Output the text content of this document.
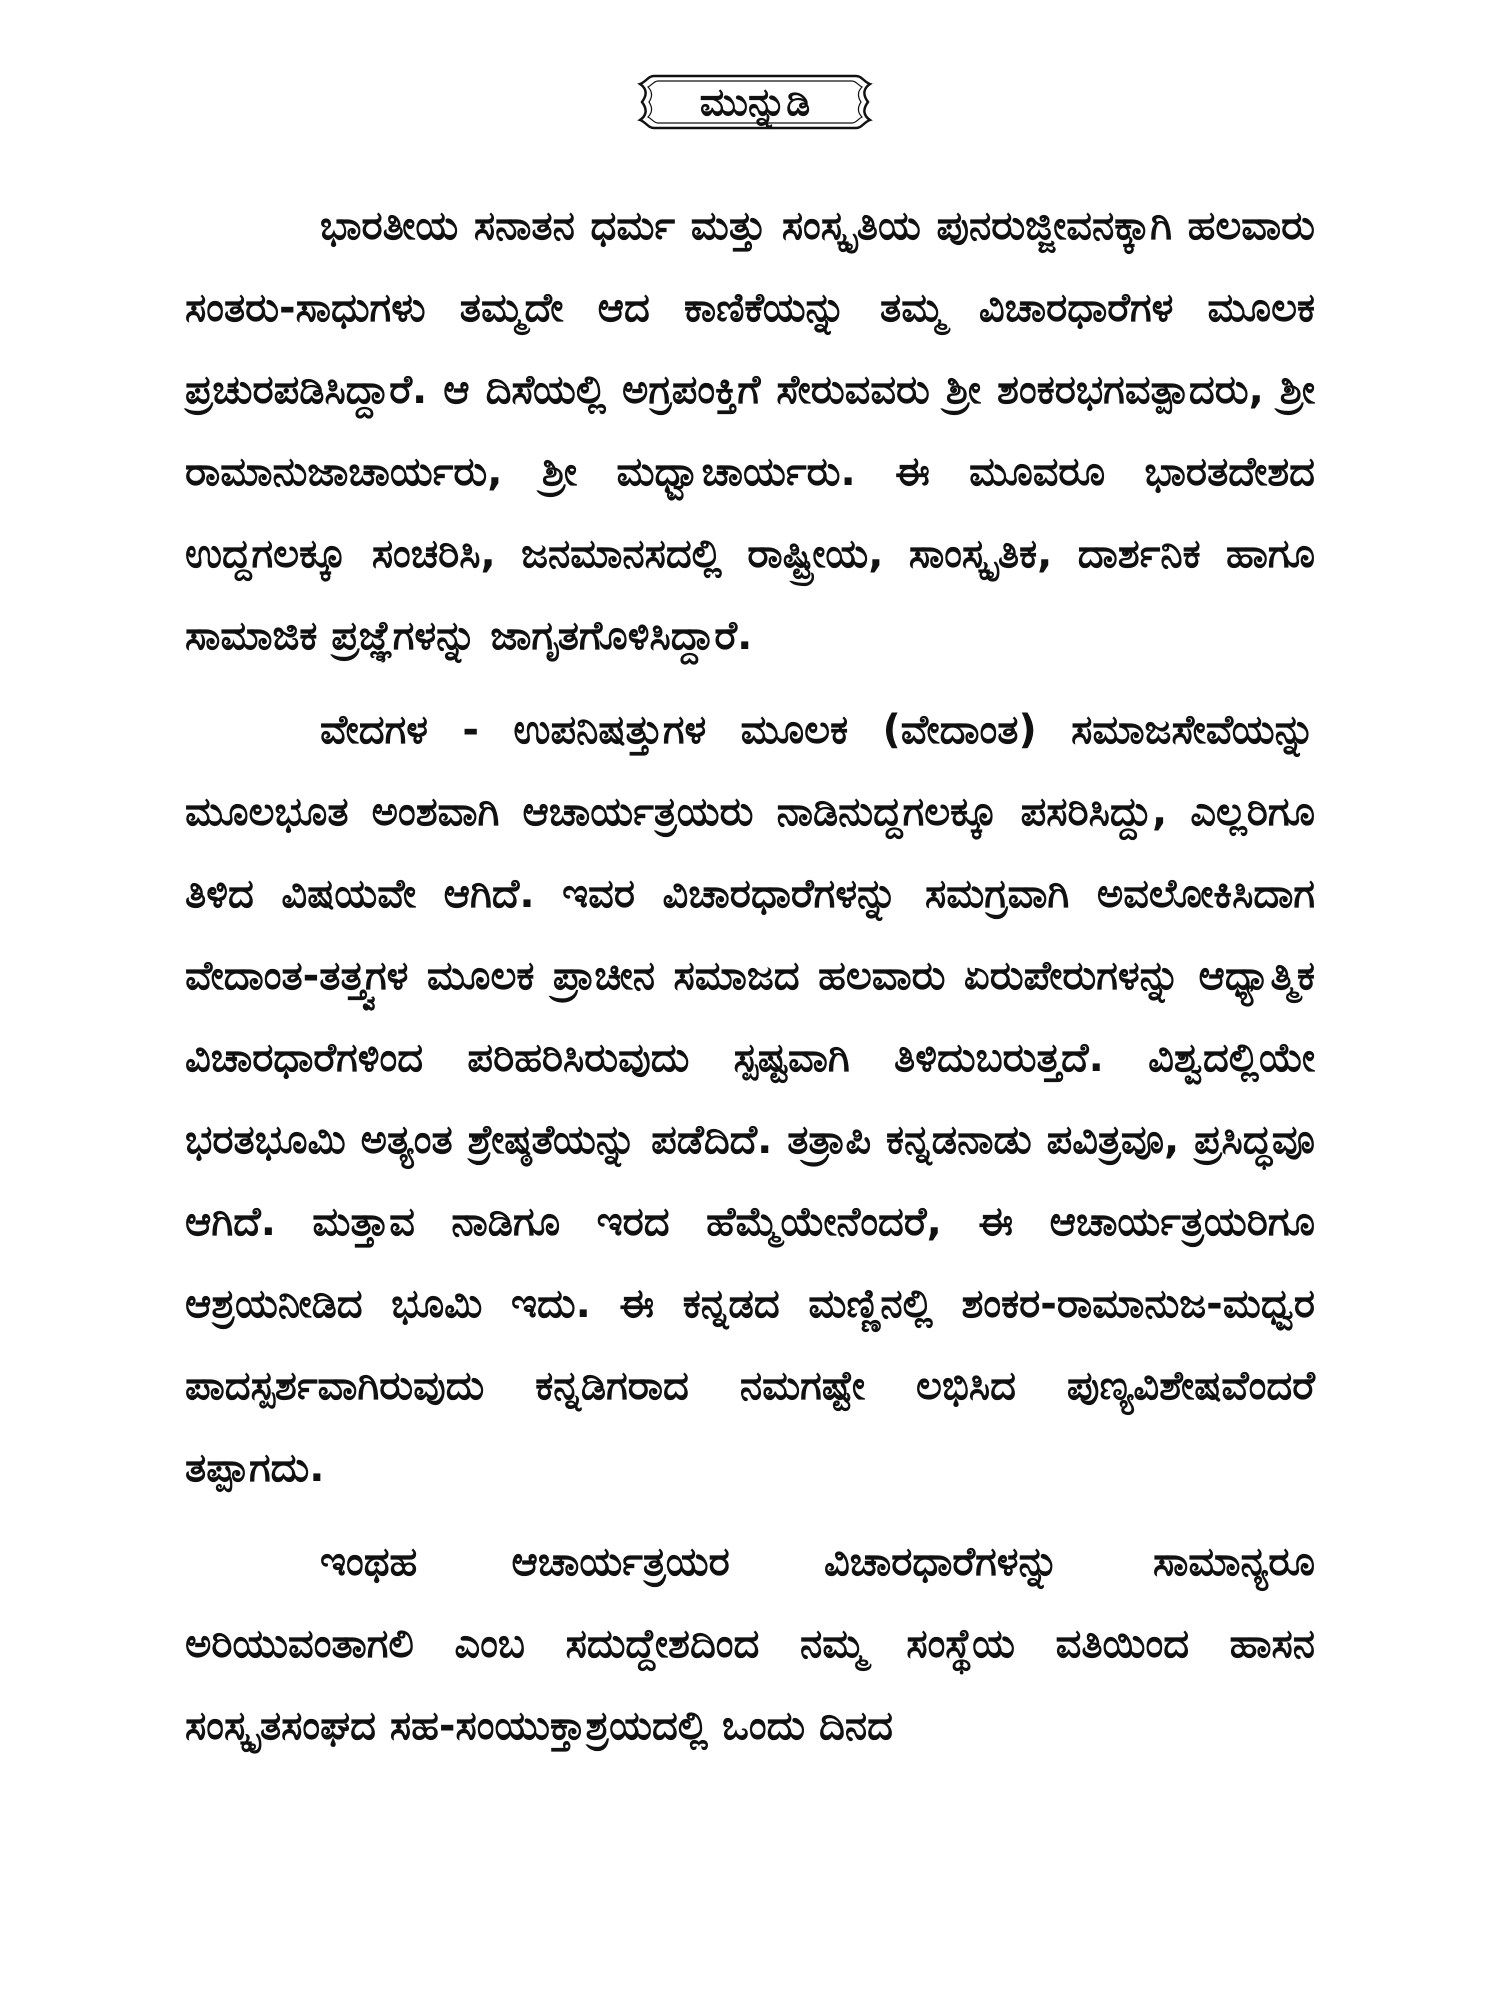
ಮುನ್ನುಡಿ

ಭಾರತೀಯ ಸನಾತನ ಧರ್ಮ ಮತ್ತು ಸಂಸ್ಕೃತಿಯ ಪುನರುಜ್ಜೀವನಕ್ಕಾಗಿ ಹಲವಾರು ಸಂತರು-ಸಾಧುಗಳು ತಮ್ಮದೇ ಆದ ಕಾಣಿಕೆಯನ್ನು ತಮ್ಮ ವಿಚಾರಧಾರೆಗಳ ಮೂಲಕ ಪ್ರಚುರಪಡಿಸಿದ್ದಾರೆ. ಆ ದಿಸೆಯಲ್ಲಿ ಅಗ್ರಪಂಕ್ತಿಗೆ ಸೇರುವವರು ಶ್ರೀ ಶಂಕರಭಗವತ್ಪಾದರು, ಶ್ರೀ ರಾಮಾನುಜಾಚಾರ್ಯರು, ಶ್ರೀ ಮಧ್ವಾಚಾರ್ಯರು. ಈ ಮೂವರೂ ಭಾರತದೇಶದ ಉದ್ದಗಲಕ್ಕೂ ಸಂಚರಿಸಿ, ಜನಮಾನಸದಲ್ಲಿ ರಾಷ್ಟ್ರೀಯ, ಸಾಂಸ್ಕೃತಿಕ, ದಾರ್ಶನಿಕ ಹಾಗೂ ಸಾಮಾಜಿಕ ಪ್ರಜ್ಞೆಗಳನ್ನು ಜಾಗೃತಗೊಳಿಸಿದ್ದಾರೆ.

ವೇದಗಳ - ಉಪನಿಷತ್ತುಗಳ ಮೂಲಕ (ವೇದಾಂತ) ಸಮಾಜಸೇವೆಯನ್ನು ಮೂಲಭೂತ ಅಂಶವಾಗಿ ಆಚಾರ್ಯತ್ರಯರು ನಾಡಿನುದ್ದಗಲಕ್ಕೂ ಪಸರಿಸಿದ್ದು, ಎಲ್ಲರಿಗೂ ತಿಳಿದ ವಿಷಯವೇ ಆಗಿದೆ. ಇವರ ವಿಚಾರಧಾರೆಗಳನ್ನು ಸಮಗ್ರವಾಗಿ ಅವಲೋಕಿಸಿದಾಗ ವೇದಾಂತ-ತತ್ತ್ವಗಳ ಮೂಲಕ ಪ್ರಾಚೀನ ಸಮಾಜದ ಹಲವಾರು ಏರುಪೇರುಗಳನ್ನು ಆಧ್ಯಾತ್ಮಿಕ ವಿಚಾರಧಾರೆಗಳಿಂದ ಪರಿಹರಿಸಿರುವುದು ಸ್ಪಷ್ಟವಾಗಿ ತಿಳಿದುಬರುತ್ತದೆ. ವಿಶ್ವದಲ್ಲಿಯೇ ಭರತಭೂಮಿ ಅತ್ಯಂತ ಶ್ರೇಷ್ಠತೆಯನ್ನು ಪಡೆದಿದೆ. ತತ್ರಾಪಿ ಕನ್ನಡನಾಡು ಪವಿತ್ರವೂ, ಪ್ರಸಿದ್ಧವೂ ಆಗಿದೆ. ಮತ್ತಾವ ನಾಡಿಗೂ ಇರದ ಹೆಮ್ಮೆಯೇನೆಂದರೆ, ಈ ಆಚಾರ್ಯತ್ರಯರಿಗೂ ಆಶ್ರಯನೀಡಿದ ಭೂಮಿ ಇದು. ಈ ಕನ್ನಡದ ಮಣ್ಣಿನಲ್ಲಿ ಶಂಕರ-ರಾಮಾನುಜ-ಮಧ್ವರ ಪಾದಸ್ಪರ್ಶವಾಗಿರುವುದು ಕನ್ನಡಿಗರಾದ ನಮಗಷ್ಟೇ ಲಭಿಸಿದ ಪುಣ್ಯವಿಶೇಷವೆಂದರೆ ತಪ್ಪಾಗದು.

ಇಂಥಹ ಆಚಾರ್ಯತ್ರಯರ ವಿಚಾರಧಾರೆಗಳನ್ನು ಸಾಮಾನ್ಯರೂ ಅರಿಯುವಂತಾಗಲಿ ಎಂಬ ಸದುದ್ದೇಶದಿಂದ ನಮ್ಮ ಸಂಸ್ಥೆಯ ವತಿಯಿಂದ ಹಾಸನ ಸಂಸ್ಕೃತಸಂಘದ ಸಹ-ಸಂಯುಕ್ತಾಶ್ರಯದಲ್ಲಿ ಒಂದು ದಿನದ
